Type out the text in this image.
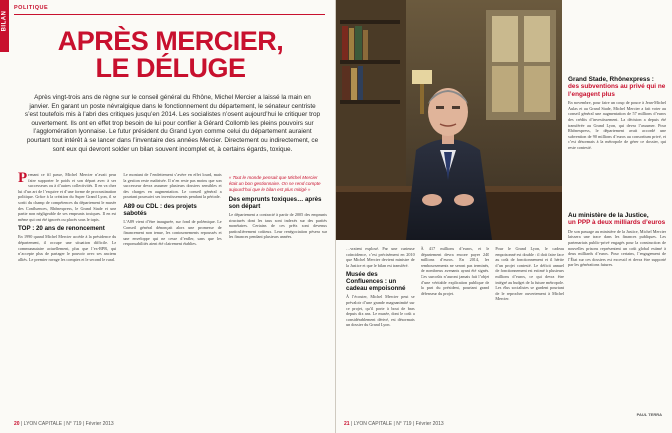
BILAN
POLITIQUE
APRÈS MERCIER,
LE DÉLUGE

Après vingt-trois ans de règne sur le conseil général du Rhône, Michel Mercier a laissé la main en janvier. En garant un poste névralgique dans le fonctionnement du département, le sénateur centriste s’est toutefois mis à l’abri des critiques jusqu’en 2014. Les socialistes n’osent aujourd’hui le critiquer trop ouvertement. Ils ont en effet trop besoin de lui pour confier à Gérard Collomb les pleins pouvoirs sur l’agglomération lyonnaise. Le futur président du Grand Lyon comme celui du département auraient pourtant tout intérêt à se lancer dans l’inventaire des années Mercier. Directement ou indirectement, ce sont eux qui devront solder un bilan souvent incomplet et, à certains égards, toxique.

Prenant ce fil passe, Michel Mercier n’avait peur faire supporter le poids et son départ avec à ses successeurs ou à d’autres collectivités. Il en va chez lui d’un art de l’esquive et d’une forme de procrastination politique. Grâce à la création du Super Grand Lyon, il se sortit du champ de compétences du département le musée des Confluences, Rhônexpress, le Grand Stade et une partie non négligeable de ses emprunts toxiques. Il en est même qui ont été ignorés ou placés sous le tapis.

TOP : 20 ans de renoncement

En 1990 quand Michel Mercier accède à la présidence du département, il occupe une situation difficile. Le communautaire actuellement, plus que l’ex-RPR, qui n’accepte plus de partager le pouvoir avec ses anciens alliés. Le premier ravage les comptes et le second le rural.

Le montant de l’endettement s’avère en effet lourd, mais la gestion reste maîtrisée. Il n’en reste pas moins que son successeur devra assumer plusieurs dossiers sensibles et des charges en augmentation. Le conseil général a pourtant poursuivi ses investissements pendant la période.

A89 ou CDL : des projets sabotés

L’A89 vient d’être inaugurée, sur fond de polémique. Le Conseil général dénonçait alors une promesse de financement non tenue, les contournements repoussés et une enveloppe qui ne cesse d’enfler, sans que les responsabilités aient été clairement établies.

« Tout le monde pensait que Michel Mercier était un bon gestionnaire. On se rend compte aujourd’hui que le bilan est plus mitigé »

Des emprunts toxiques… après son départ

Le département a contracté à partir de 2005 des emprunts structurés dont les taux sont indexés sur des parités monétaires. Certains de ces prêts sont devenus particulièrement coûteux. Leur renégociation pèsera sur les finances pendant plusieurs années.

20 | LYON CAPITALE | N° 719 | Février 2013
Grand Stade, Rhônexpress :
des subventions au privé qui ne l’engagent plus

En novembre, pour faire un coup de pouce à Jean-Michel Aulas et au Grand Stade, Michel Mercier a fait voter au conseil général une augmentation de 57 millions d’euros des crédits d’investissement. La décision a depuis été transférée au Grand Lyon, qui devra l’assumer. Pour Rhônexpress, le département avait accordé une subvention de 90 millions d’euros au consortium privé, et c’est désormais à la métropole de gérer ce dossier, qui reste contesté.

Au ministère de la Justice,
un PPP à deux milliards d’euros

De son passage au ministère de la Justice, Michel Mercier laissera une trace dans les finances publiques. Les partenariats public-privé engagés pour la construction de nouvelles prisons représentent un coût global estimé à deux milliards d’euros. Pour certains, l’engagement de l’État sur ces dossiers est excessif et devra être supporté par les générations futures.

…vraient explosé. Par une curieuse coïncidence, c’est précisément en 2010 que Michel Mercier devient ministre de la Justice et que le bilan est transféré.

Musée des Confluences : un cadeau empoisonné

À l’écouter, Michel Mercier peut se prévaloir d’une grande magnanimité sur ce projet, qu’il porte à bout de bras depuis dix ans. Le musée, dont le coût a considérablement dérivé, est désormais un dossier du Grand Lyon.

À 417 millions d’euros, et le département devra encore payer 240 millions d’euros. En 2014, les remboursements ne seront pas terminés, de nombreux avenants ayant été signés. Ces surcoûts n’auront jamais fait l’objet d’une véritable explication publique de la part du président, pourtant grand défenseur du projet.

Pour le Grand Lyon, le cadeau empoisonné est double : il doit faire face au coût de fonctionnement et il hérite d’un projet contesté. Le déficit annuel de fonctionnement est estimé à plusieurs millions d’euros, ce qui devra être intégré au budget de la future métropole. Les élus socialistes se gardent pourtant de le reprocher ouvertement à Michel Mercier.

PAUL TERRA
21 | LYON CAPITALE | N° 719 | Février 2013
